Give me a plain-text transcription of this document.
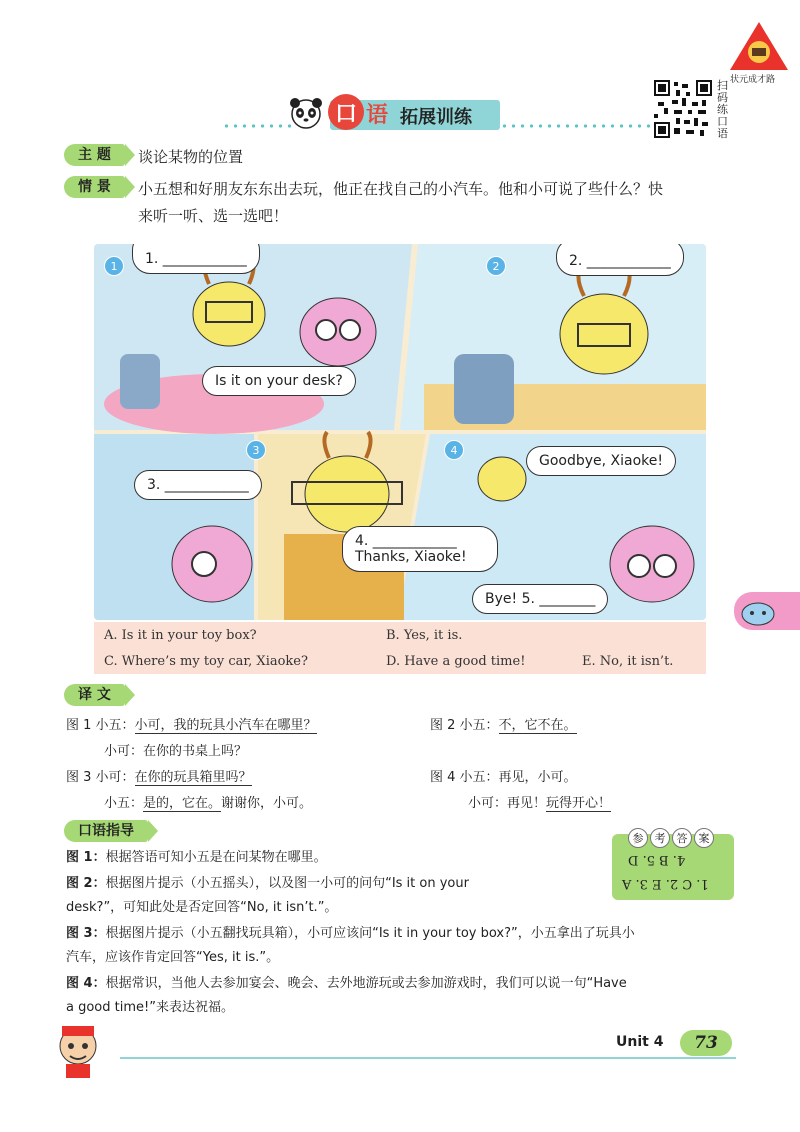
口 语 拓展训练
扫码练口语
状元成才路
主 题	谈论某物的位置
情 景	小五想和好朋友东东出去玩，他正在找自己的小汽车。他和小可说了些什么？快
来听一听、选一选吧！
1	2
3	4
1. ____________
Is it on your desk?
2. ____________
3. ____________
Goodbye, Xiaoke!
4. ____________
Thanks, Xiaoke!
Bye! 5. ________
A. Is it in your toy box?	B. Yes, it is.
C. Where’s my toy car, Xiaoke?	D. Have a good time!	E. No, it isn’t.
译 文
图 1 小五：小可，我的玩具小汽车在哪里？
小可：在你的书桌上吗？
图 2 小五：不，它不在。
图 3 小可：在你的玩具箱里吗？
小五：是的，它在。谢谢你，小可。
图 4 小五：再见，小可。
小可：再见！玩得开心！
口语指导
图 1：根据答语可知小五是在问某物在哪里。
图 2：根据图片提示（小五摇头），以及图一小可的问句“Is it on your
desk?”，可知此处是否定回答“No, it isn’t.”。
图 3：根据图片提示（小五翻找玩具箱），小可应该问“Is it in your toy box?”，小五拿出了玩具小
汽车，应该作肯定回答“Yes, it is.”。
图 4：根据常识，当他人去参加宴会、晚会、去外地游玩或去参加游戏时，我们可以说一句“Have
a good time!”来表达祝福。
参	考	答	案
4. B 5. D
1. C 2. E 3. A
Unit 4	73
